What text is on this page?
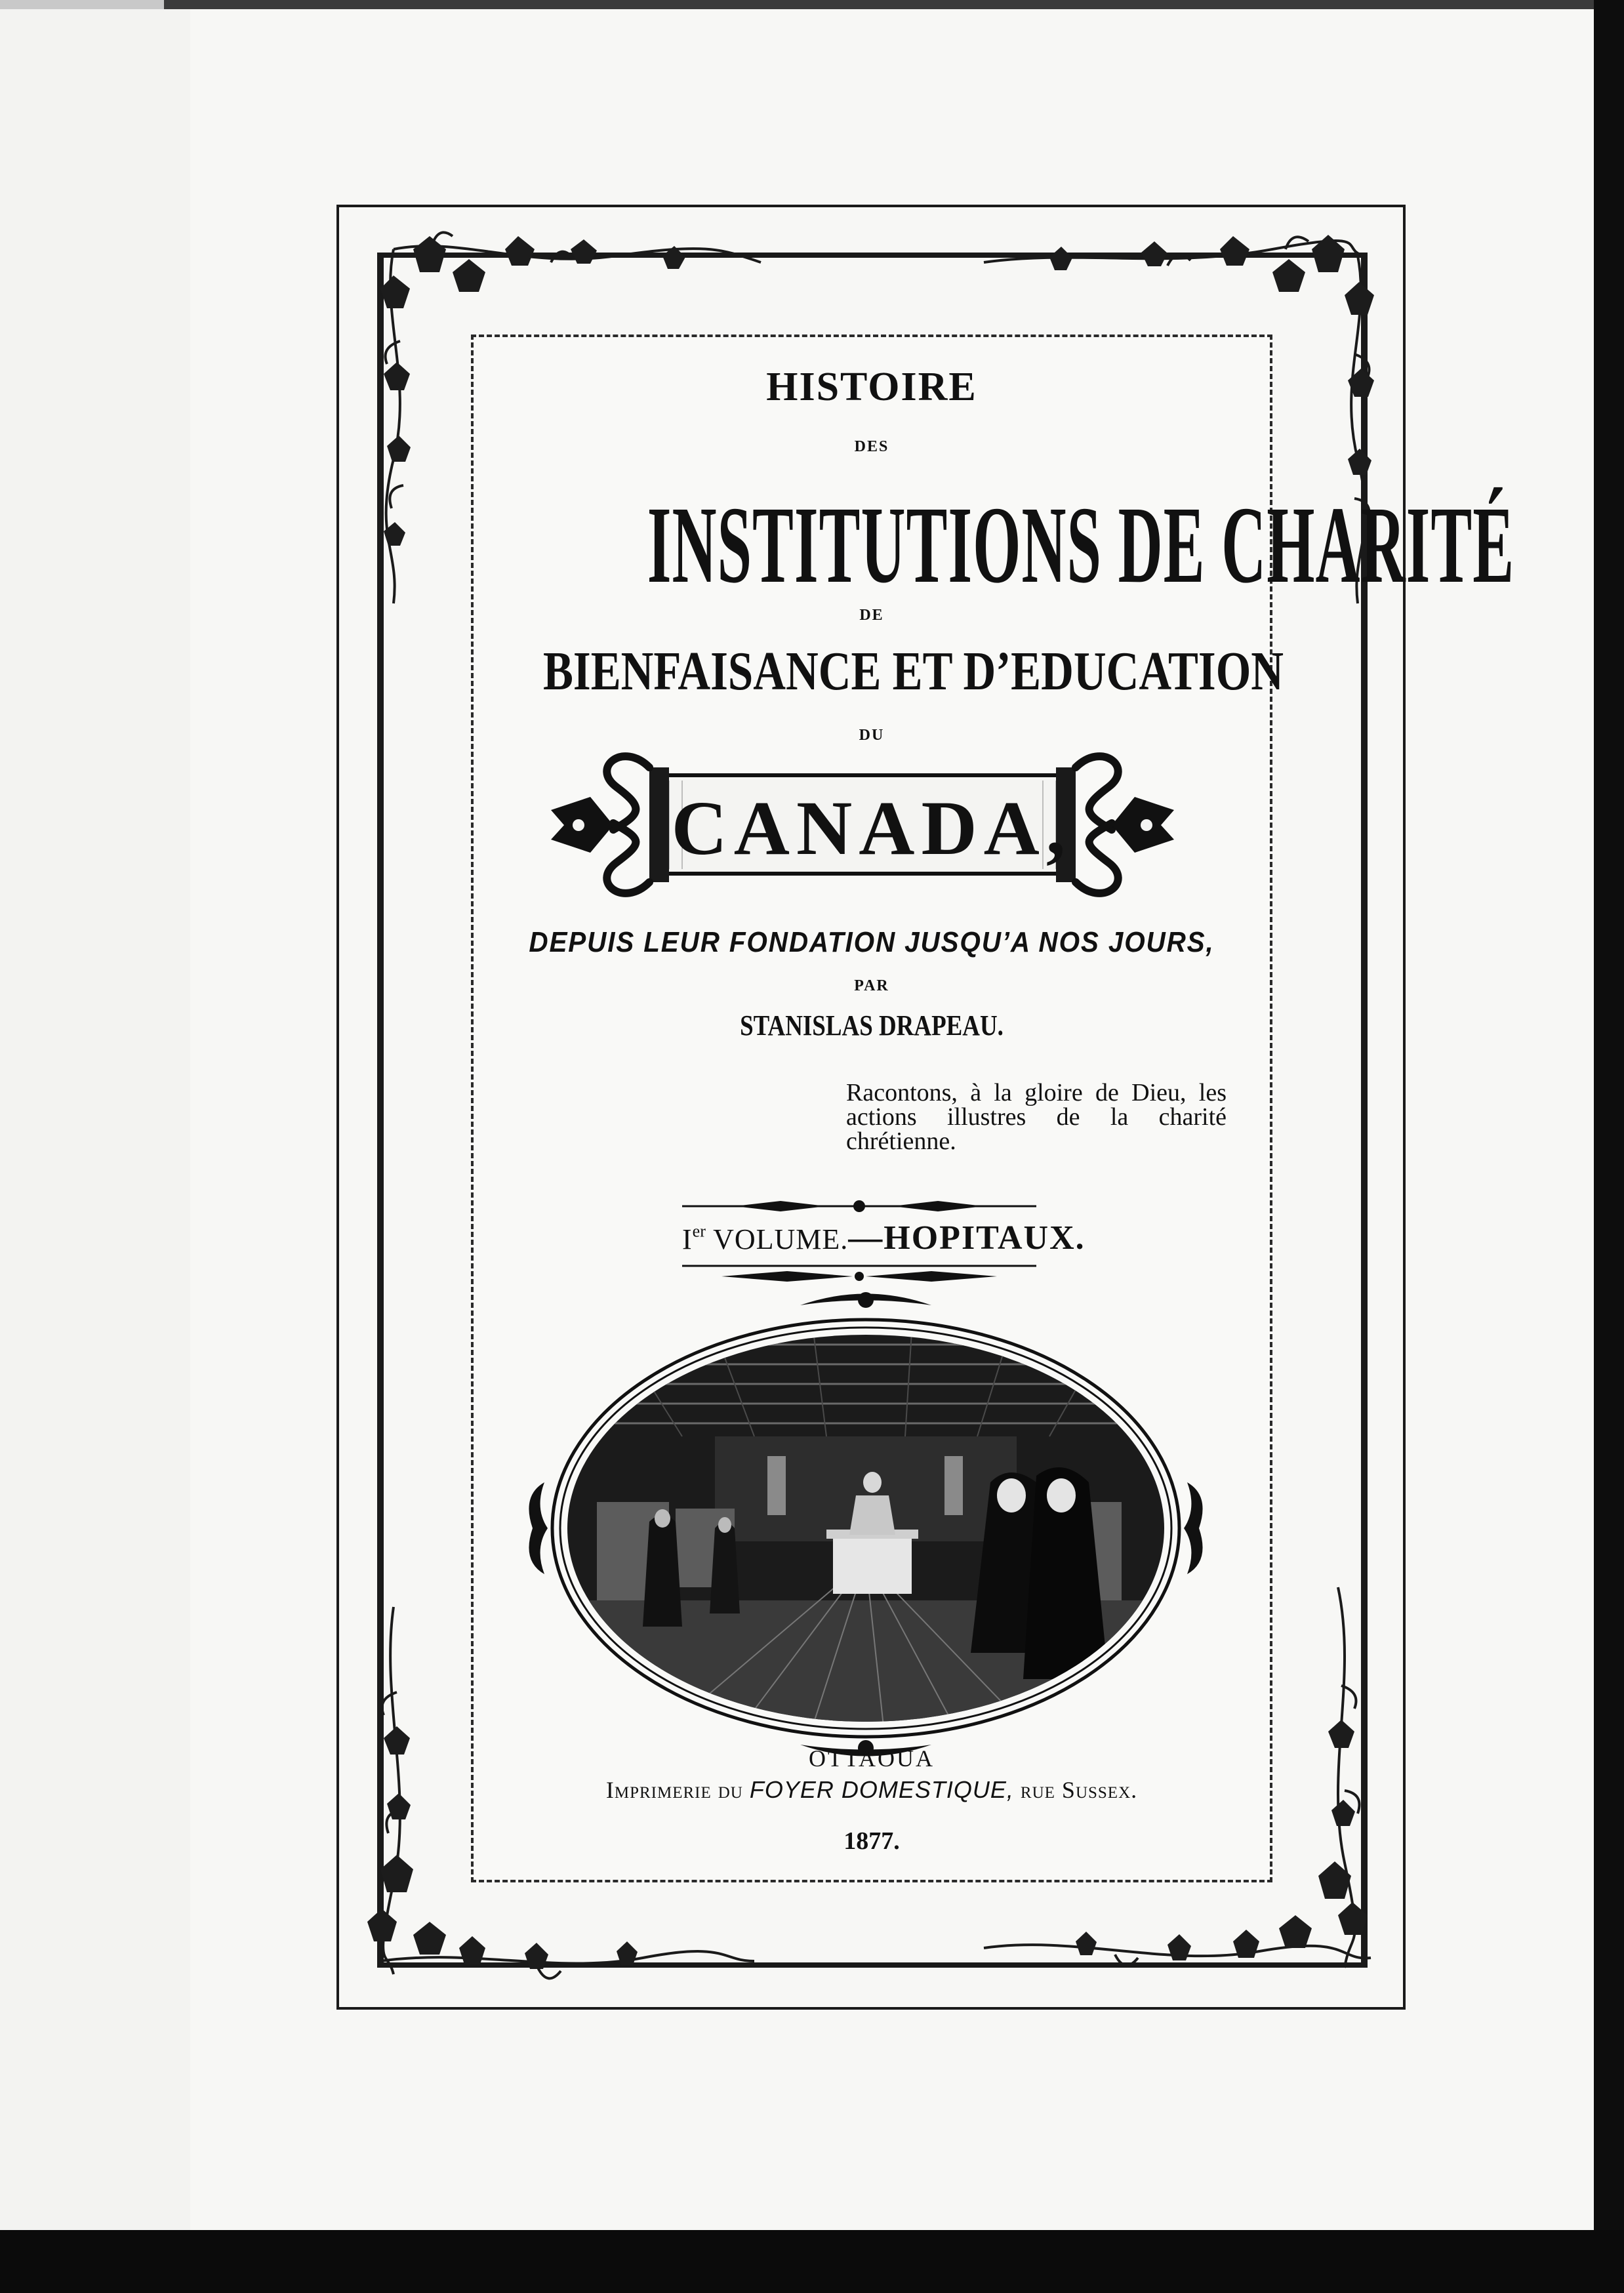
HISTOIRE
DES
INSTITUTIONS DE CHARITÉ
DE
BIENFAISANCE ET D’EDUCATION
DU
CANADA,
DEPUIS LEUR FONDATION JUSQU’A NOS JOURS,
PAR
STANISLAS DRAPEAU.
Racontons, à la gloire de Dieu, les actions illustres de la charité chrétienne.
Ier VOLUME.—HOPITAUX.
OTTAOUA
Imprimerie du FOYER DOMESTIQUE, rue Sussex.
1877.
